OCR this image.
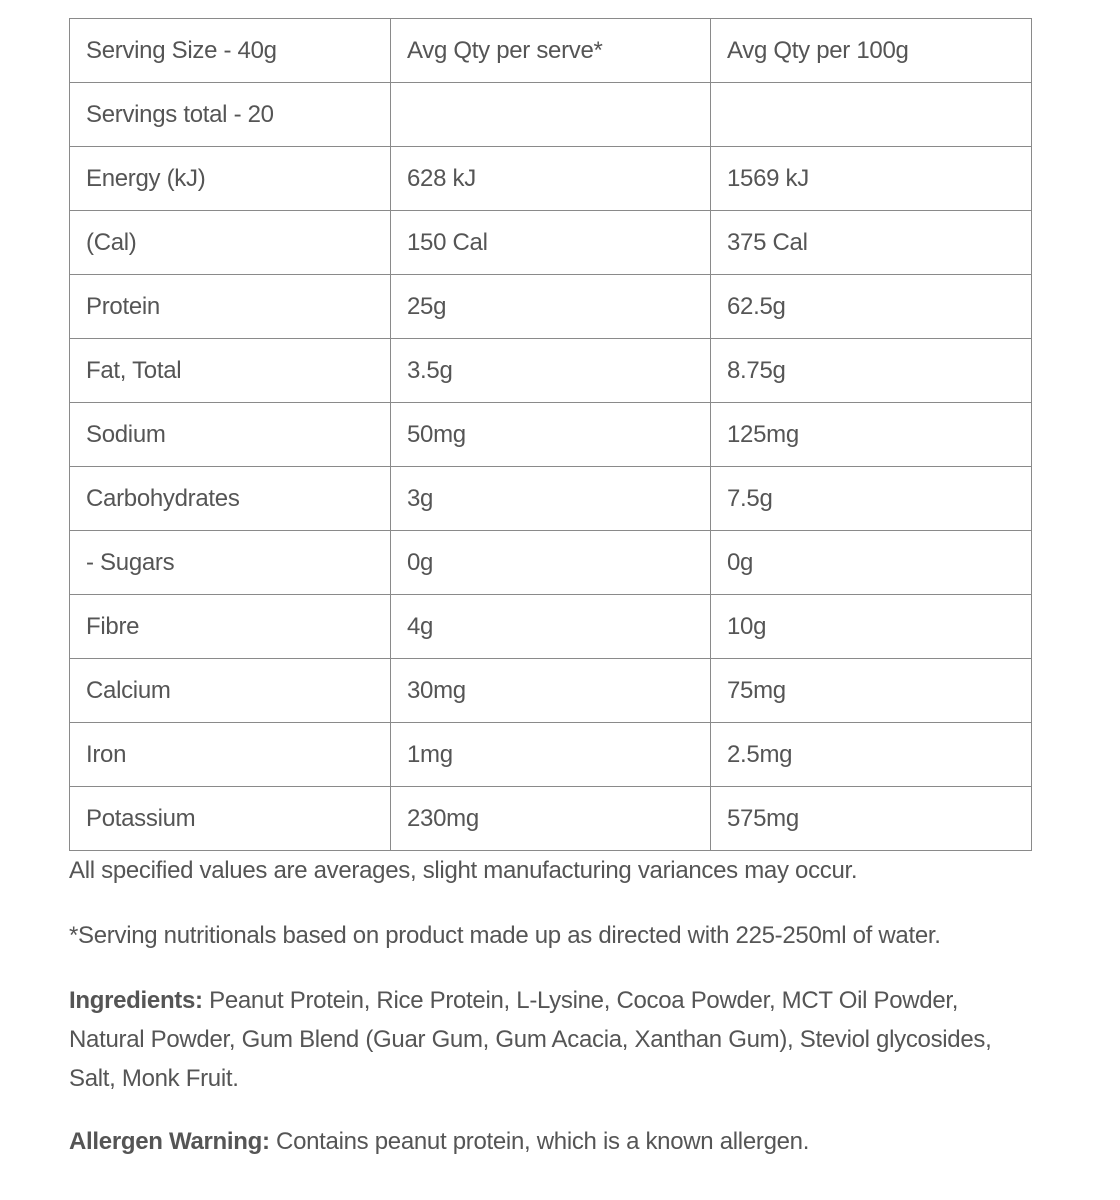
Serving Size - 40g	Avg Qty per serve*	Avg Qty per 100g
Servings total - 20		
Energy (kJ)	628 kJ	1569 kJ
(Cal)	150 Cal	375 Cal
Protein	25g	62.5g
Fat, Total	3.5g	8.75g
Sodium	50mg	125mg
Carbohydrates	3g	7.5g
- Sugars	0g	0g
Fibre	4g	10g
Calcium	30mg	75mg
Iron	1mg	2.5mg
Potassium	230mg	575mg

All specified values are averages, slight manufacturing variances may occur.

*Serving nutritionals based on product made up as directed with 225-250ml of water.

Ingredients: Peanut Protein, Rice Protein, L-Lysine, Cocoa Powder, MCT Oil Powder, Natural Powder, Gum Blend (Guar Gum, Gum Acacia, Xanthan Gum), Steviol glycosides, Salt, Monk Fruit.

Allergen Warning: Contains peanut protein, which is a known allergen.
